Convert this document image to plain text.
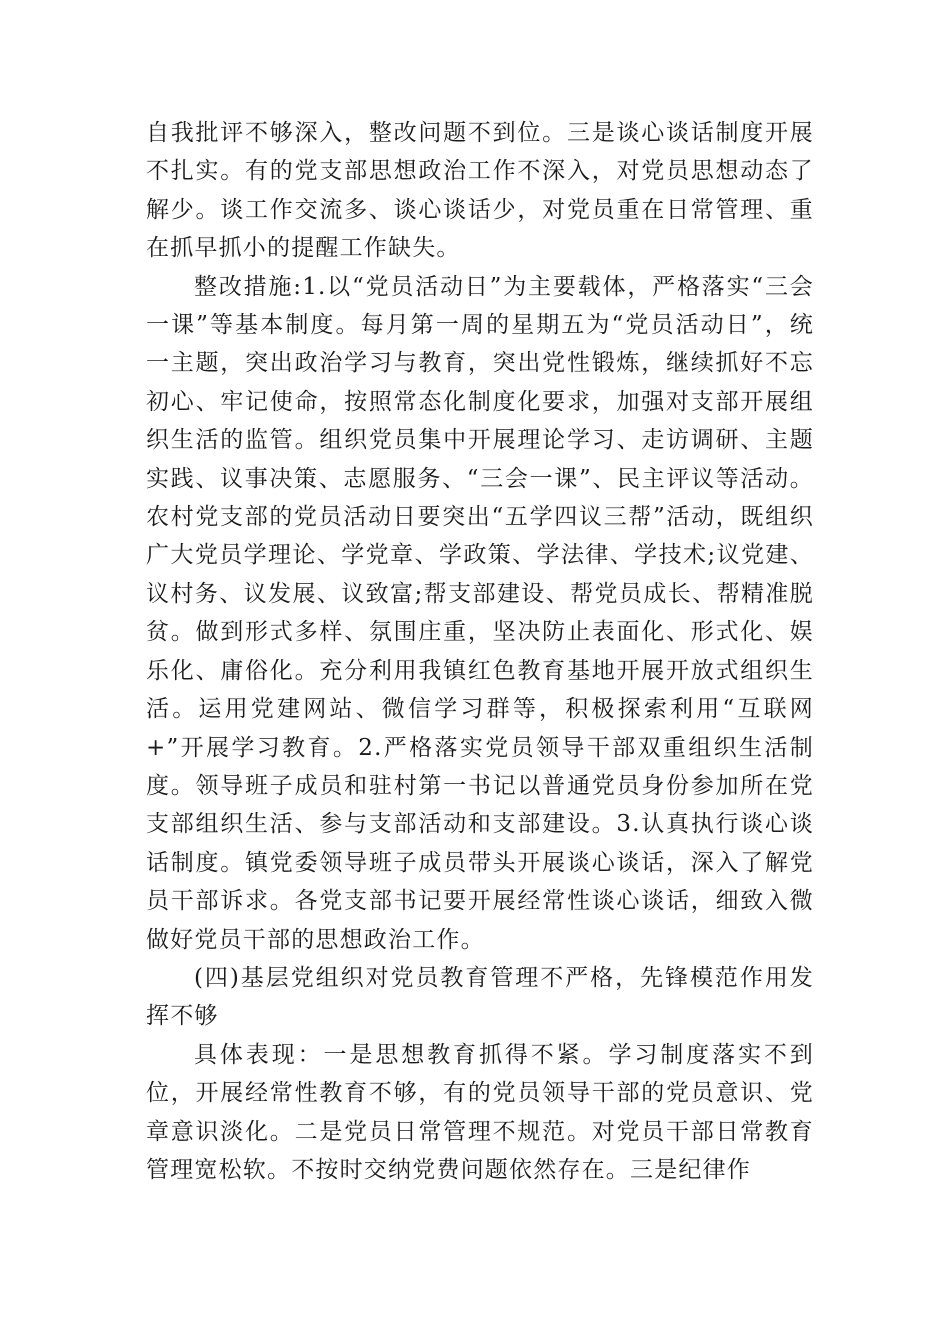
自我批评不够深入，整改问题不到位。三是谈心谈话制度开展不扎实。有的党支部思想政治工作不深入，对党员思想动态了解少。谈工作交流多、谈心谈话少，对党员重在日常管理、重在抓早抓小的提醒工作缺失。

整改措施:1.以“党员活动日”为主要载体，严格落实“三会一课”等基本制度。每月第一周的星期五为“党员活动日”，统一主题，突出政治学习与教育，突出党性锻炼，继续抓好不忘初心、牢记使命，按照常态化制度化要求，加强对支部开展组织生活的监管。组织党员集中开展理论学习、走访调研、主题实践、议事决策、志愿服务、“三会一课”、民主评议等活动。农村党支部的党员活动日要突出“五学四议三帮”活动，既组织广大党员学理论、学党章、学政策、学法律、学技术;议党建、议村务、议发展、议致富;帮支部建设、帮党员成长、帮精准脱贫。做到形式多样、氛围庄重，坚决防止表面化、形式化、娱乐化、庸俗化。充分利用我镇红色教育基地开展开放式组织生活。运用党建网站、微信学习群等，积极探索利用“互联网+”开展学习教育。2.严格落实党员领导干部双重组织生活制度。领导班子成员和驻村第一书记以普通党员身份参加所在党支部组织生活、参与支部活动和支部建设。3.认真执行谈心谈话制度。镇党委领导班子成员带头开展谈心谈话，深入了解党员干部诉求。各党支部书记要开展经常性谈心谈话，细致入微做好党员干部的思想政治工作。

(四)基层党组织对党员教育管理不严格，先锋模范作用发挥不够

具体表现：一是思想教育抓得不紧。学习制度落实不到位，开展经常性教育不够，有的党员领导干部的党员意识、党章意识淡化。二是党员日常管理不规范。对党员干部日常教育管理宽松软。不按时交纳党费问题依然存在。三是纪律作
